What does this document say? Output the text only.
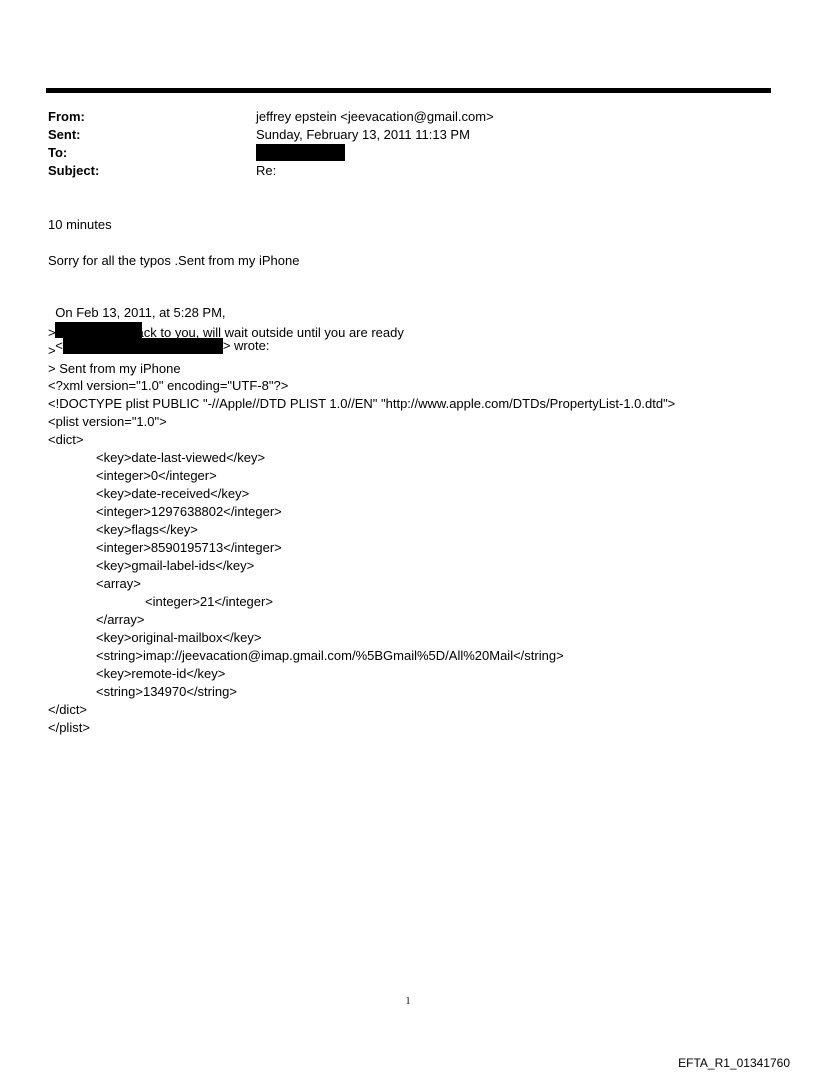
From:	jeffrey epstein <jeevacation@gmail.com>
Sent:	Sunday, February 13, 2011 11:13 PM
To:
Subject:	Re:
10 minutes
Sorry for all the typos .Sent from my iPhone

On Feb 13, 2011, at 5:28 PM,

<	> wrote:

> On our way back to you, will wait outside until you are ready
>
> Sent from my iPhone
<?xml version="1.0" encoding="UTF-8"?>
<!DOCTYPE plist PUBLIC "-//Apple//DTD PLIST 1.0//EN" "http://www.apple.com/DTDs/PropertyList-1.0.dtd">
<plist version="1.0">
<dict>
<key>date-last-viewed</key>
<integer>0</integer>
<key>date-received</key>
<integer>1297638802</integer>
<key>flags</key>
<integer>8590195713</integer>
<key>gmail-label-ids</key>
<array>
<integer>21</integer>
</array>
<key>original-mailbox</key>
<string>imap://jeevacation@imap.gmail.com/%5BGmail%5D/All%20Mail</string>
<key>remote-id</key>
<string>134970</string>
</dict>
</plist>
1
EFTA_R1_01341760
